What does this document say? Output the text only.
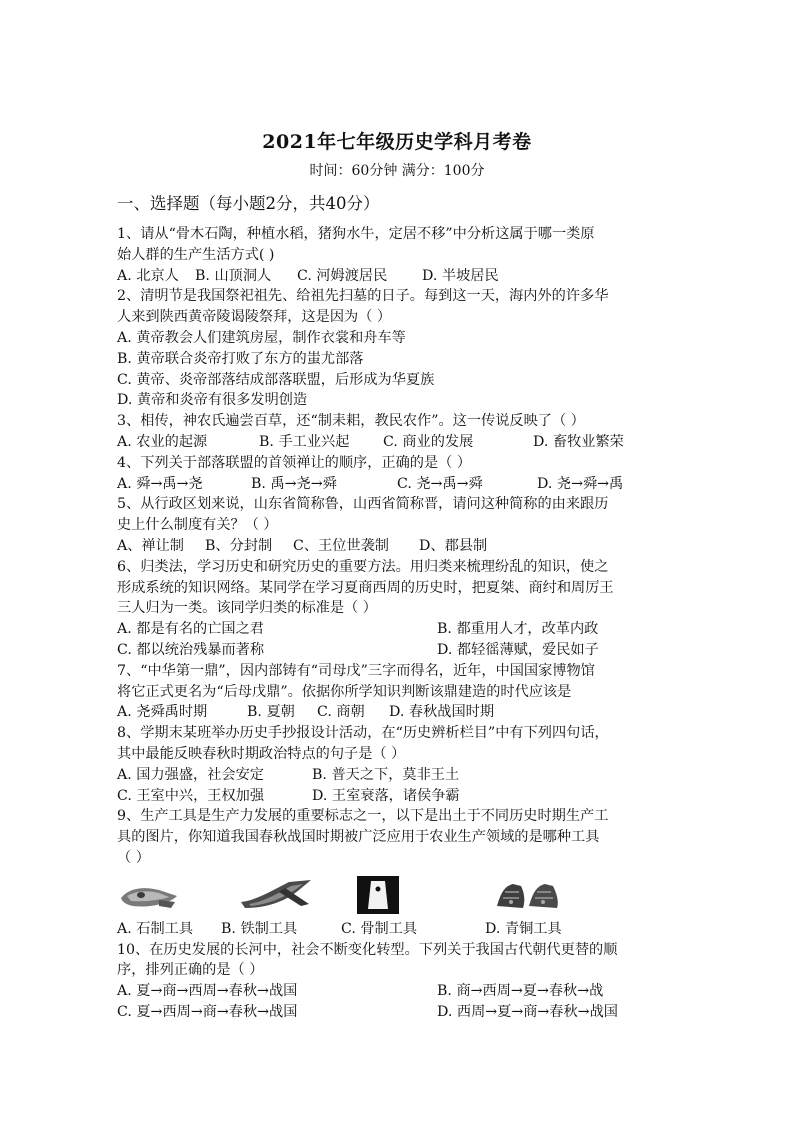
2021年七年级历史学科月考卷
时间：60分钟 满分：100分
一、选择题（每小题2分，共40分）
1、请从“骨木石陶，种植水稻，猪狗水牛，定居不移”中分析这属于哪一类原
始人群的生产生活方式( )
A. 北京人	B. 山顶洞人	C. 河姆渡居民	D. 半坡居民
2、清明节是我国祭祀祖先、给祖先扫墓的日子。每到这一天，海内外的许多华
人来到陕西黄帝陵谒陵祭拜，这是因为（ ）
A. 黄帝教会人们建筑房屋，制作衣裳和舟车等
B. 黄帝联合炎帝打败了东方的蚩尤部落
C. 黄帝、炎帝部落结成部落联盟，后形成为华夏族
D. 黄帝和炎帝有很多发明创造
3、相传，神农氏遍尝百草，还“制耒耜，教民农作”。这一传说反映了（ ）
A. 农业的起源	B. 手工业兴起	C. 商业的发展	D. 畜牧业繁荣
4、下列关于部落联盟的首领禅让的顺序，正确的是（ ）
A. 舜→禹→尧	B. 禹→尧→舜	C. 尧→禹→舜	D. 尧→舜→禹
5、从行政区划来说，山东省简称鲁，山西省简称晋，请问这种简称的由来跟历
史上什么制度有关？（ ）
A、禅让制	B、分封制	C、王位世袭制	D、郡县制
6、归类法，学习历史和研究历史的重要方法。用归类来梳理纷乱的知识，使之
形成系统的知识网络。某同学在学习夏商西周的历史时，把夏桀、商纣和周厉王
三人归为一类。该同学归类的标准是（ ）
A. 都是有名的亡国之君	B. 都重用人才，改革内政
C. 都以统治残暴而著称	D. 都轻徭薄赋，爱民如子
7、“中华第一鼎”，因内部铸有“司母戊”三字而得名，近年，中国国家博物馆
将它正式更名为“后母戊鼎”。依据你所学知识判断该鼎建造的时代应该是
A. 尧舜禹时期	B. 夏朝	C. 商朝	D. 春秋战国时期
8、学期末某班举办历史手抄报设计活动，在“历史辨析栏目”中有下列四句话，
其中最能反映春秋时期政治特点的句子是（ ）
A. 国力强盛，社会安定	B. 普天之下，莫非王土
C. 王室中兴，王权加强	D. 王室衰落，诸侯争霸
9、生产工具是生产力发展的重要标志之一，以下是出土于不同历史时期生产工
具的图片，你知道我国春秋战国时期被广泛应用于农业生产领域的是哪种工具
（ ）
A. 石制工具	B. 铁制工具	C. 骨制工具	D. 青铜工具
10、在历史发展的长河中，社会不断变化转型。下列关于我国古代朝代更替的顺
序，排列正确的是（ ）
A. 夏→商→西周→春秋→战国	B. 商→西周→夏→春秋→战
C. 夏→西周→商→春秋→战国	D. 西周→夏→商→春秋→战国
